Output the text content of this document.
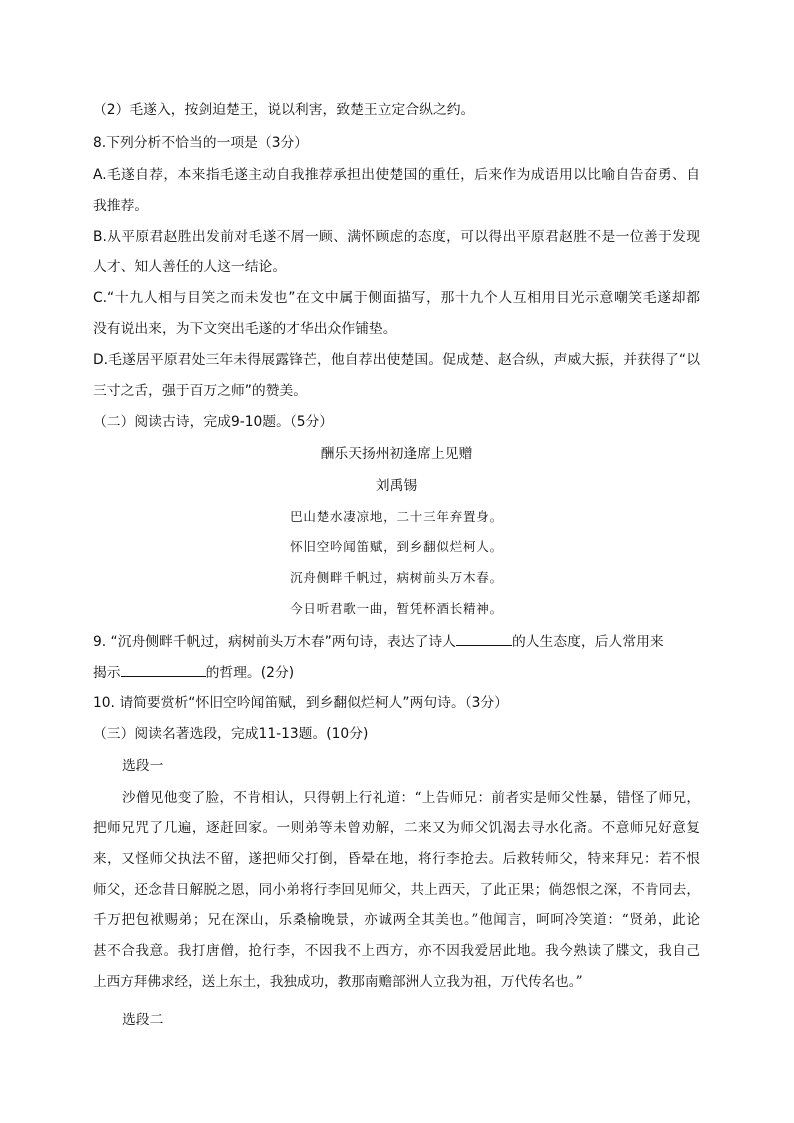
（2）毛遂入，按剑迫楚王，说以利害，致楚王立定合纵之约。
8.下列分析不恰当的一项是（3分）
A.毛遂自荐，本来指毛遂主动自我推荐承担出使楚国的重任，后来作为成语用以比喻自告奋勇、自
我推荐。
B.从平原君赵胜出发前对毛遂不屑一顾、满怀顾虑的态度，可以得出平原君赵胜不是一位善于发现
人才、知人善任的人这一结论。
C.“十九人相与目笑之而未发也”在文中属于侧面描写，那十九个人互相用目光示意嘲笑毛遂却都
没有说出来，为下文突出毛遂的才华出众作铺垫。
D.毛遂居平原君处三年未得展露锋芒，他自荐出使楚国。促成楚、赵合纵，声威大振，并获得了“以
三寸之舌，强于百万之师”的赞美。
（二）阅读古诗，完成9-10题。（5分）
酬乐天扬州初逢席上见赠
刘禹锡
巴山楚水凄凉地，二十三年弃置身。
怀旧空吟闻笛赋，到乡翻似烂柯人。
沉舟侧畔千帆过，病树前头万木春。
今日听君歌一曲，暂凭杯酒长精神。
9. “沉舟侧畔千帆过，病树前头万木春”两句诗，表达了诗人	的人生态度，后人常用来
揭示	的哲理。(2分)
10. 请简要赏析“怀旧空吟闻笛赋，到乡翻似烂柯人”两句诗。（3分）
（三）阅读名著选段，完成11-13题。(10分)
选段一
沙僧见他变了脸，不肯相认，只得朝上行礼道：“上告师兄：前者实是师父性暴，错怪了师兄，
把师兄咒了几遍，逐赶回家。一则弟等未曾劝解，二来又为师父饥渴去寻水化斋。不意师兄好意复
来，又怪师父执法不留，遂把师父打倒，昏晕在地，将行李抢去。后救转师父，特来拜兄：若不恨
师父，还念昔日解脱之恩，同小弟将行李回见师父，共上西天，了此正果；倘怨恨之深，不肯同去，
千万把包袱赐弟；兄在深山，乐桑榆晚景，亦诚两全其美也。”他闻言，呵呵冷笑道：“贤弟，此论
甚不合我意。我打唐僧，抢行李，不因我不上西方，亦不因我爱居此地。我今熟读了牒文，我自己
上西方拜佛求经，送上东土，我独成功，教那南赡部洲人立我为祖，万代传名也。”
选段二
